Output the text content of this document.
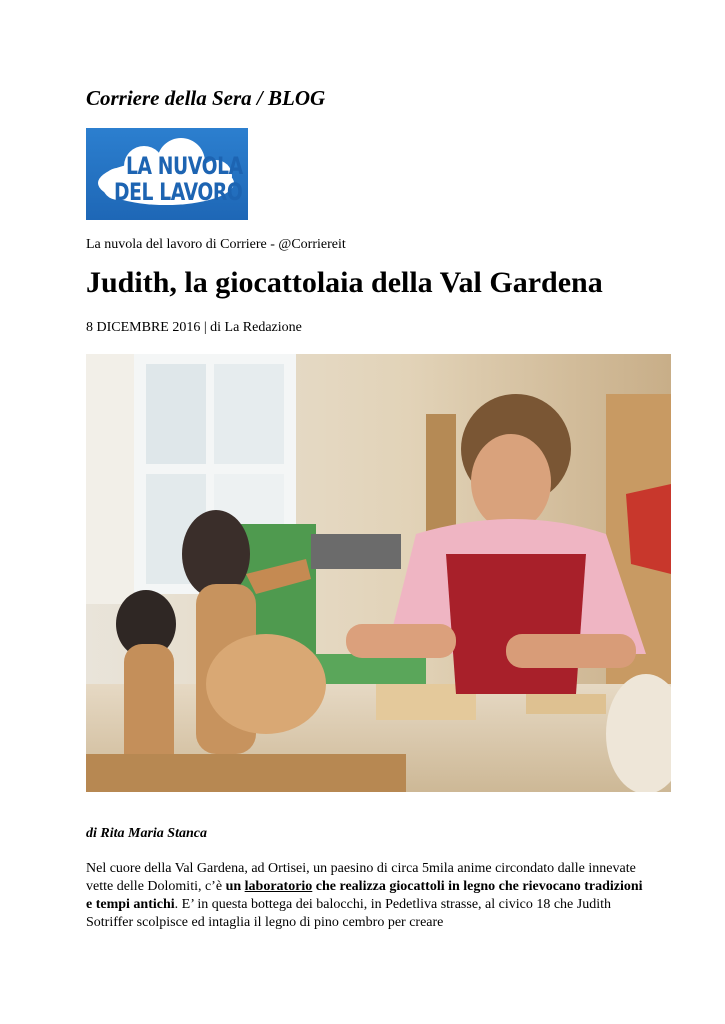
Corriere della Sera / BLOG
LA NUVOLA
DEL LAVORO
La nuvola del lavoro di Corriere - @Corriereit
Judith, la giocattolaia della Val Gardena
8 DICEMBRE 2016 | di La Redazione
di Rita Maria Stanca

Nel cuore della Val Gardena, ad Ortisei, un paesino di circa 5mila anime circondato dalle innevate vette delle Dolomiti, c’è un laboratorio che realizza giocattoli in legno che rievocano tradizioni e tempi antichi. E’ in questa bottega dei balocchi, in Pedetliva strasse, al civico 18 che Judith Sotriffer scolpisce ed intaglia il legno di pino cembro per creare
